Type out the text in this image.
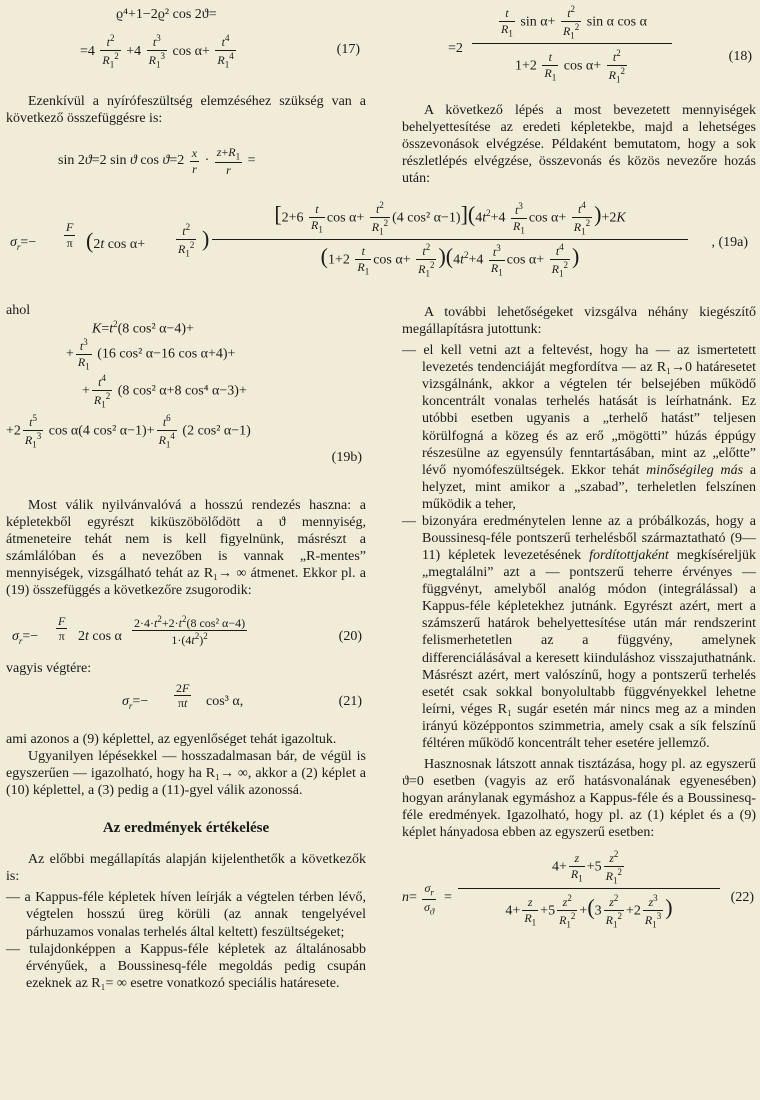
ϱ⁴+1−2ϱ² cos 2ϑ=
$=4 \frac{t^2}{R_1^2} +4 \frac{t^3}{R_1^3}$ $\cos \alpha+ \frac{t^4}{R_1^4}$	(17)

Ezenkívül a nyírófeszültség elemzéséhez szükség van a következő összefüggésre is:

sin 2ϑ=2 sin ϑ $\cos ϑ=2 \frac{x}{r} \cdot \frac{z+R_1}{r}$ =
=2
$\frac{t}{R_1}$ $\sin \alpha+ \frac{t^2}{R_1^2}$ sin α cos α
$1+2 \frac{t}{R_1}$ $\cos \alpha+ \frac{t^2}{R_1^2}$	(18)

A következő lépés a most bevezetett mennyiségek behelyettesítése az eredeti képletekbe, majd a lehetséges összevonások elvégzése. Példaként bemutatom, hogy a sok részletlépés elvégzése, összevonás és közös nevezőre hozás után:

$\sigma_r=- \frac{F}{\pi} (2t$ cos α+	$\frac{t^2}{R_1^2}$ )
[$2+6 \frac{t}{R_1}$ $\cos \alpha+ \frac{t^2}{R_1^2} (4$ cos² $\alpha-1)](4t^2+4 \frac{t^3}{R_1}$ $\cos \alpha+ \frac{t^4}{R_1^2} )+2K$
($1+2 \frac{t}{R_1}$ $\cos \alpha+ \frac{t^2}{R_1^2} )(4t^2+4 \frac{t^3}{R_1}$ $\cos \alpha+ \frac{t^4}{R_1^2}$ )
, (19a)

ahol

$K=t^2(8$ cos² α−4)+
+ $\frac{t^3}{R_1} (16$ cos² α−16 cos α+4)+
+ $\frac{t^4}{R_1^2} (8$ cos² α+8 cos⁴ α−3)+
$+2 \frac{t^5}{R_1^3}$ cos α(4 cos² $\alpha-1)+ \frac{t^6}{R_1^4} (2$ cos² α−1)
(19b)

Most válik nyilvánvalóvá a hosszú rendezés haszna: a képletekből egyrészt kiküszöbölődött a ϑ mennyiség, átmeneteire tehát nem is kell figyelnünk, másrészt a számlálóban és a nevezőben is vannak „R-mentes” mennyiségek, vizsgálható tehát az R₁→ ∞ átmenet. Ekkor pl. a (19) összefüggés a következőre zsugorodik:

$\sigma_r=- \frac{F}{\pi} 2t$ cos α $\frac{2\cdot 4\cdot t^2+2\cdot t^2(8 \cos^2 \alpha-4)}{1\cdot(4t^2)^2}$	(20)

vagyis végtére:

$\sigma_r=- \frac{2F}{\pi t} \cos^3$ α,	(21)

ami azonos a (9) képlettel, az egyenlőséget tehát igazoltuk.

Ugyanilyen lépésekkel — hosszadalmasan bár, de végül is egyszerűen — igazolható, hogy ha R₁→ ∞, akkor a (2) képlet a (10) képlettel, a (3) pedig a (11)-gyel válik azonossá.

Az eredmények értékelése

Az előbbi megállapítás alapján kijelenthetők a következők is:

— a Kappus-féle képletek híven leírják a végtelen térben lévő, végtelen hosszú üreg körüli (az annak tengelyével párhuzamos vonalas terhelés által keltett) feszültségeket;

— tulajdonképpen a Kappus-féle képletek az általánosabb érvényűek, a Boussinesq-féle megoldás pedig csupán ezeknek az R₁= ∞ esetre vonatkozó speciális határesete.

A további lehetőségeket vizsgálva néhány kiegészítő megállapításra jutottunk:

— el kell vetni azt a feltevést, hogy ha — az ismertetett levezetés tendenciáját megfordítva — az R₁→0 határesetet vizsgálnánk, akkor a végtelen tér belsejében működő koncentrált vonalas terhelés hatását is leírhatnánk. Ez utóbbi esetben ugyanis a „terhelő hatást” teljesen körülfogná a közeg és az erő „mögötti” húzás éppúgy részesülne az egyensúly fenntartásában, mint az „előtte” lévő nyomófeszültségek. Ekkor tehát minőségileg más a helyzet, mint amikor a „szabad”, terheletlen felszínen működik a teher,

— bizonyára eredménytelen lenne az a próbálkozás, hogy a Boussinesq-féle pontszerű terhelésből származtatható (9—11) képletek levezetésének fordítottjaként megkíséreljük „megtalálni” azt a — pontszerű teherre érvényes — függvényt, amelyből analóg módon (integrálással) a Kappus-féle képletekhez jutnánk. Egyrészt azért, mert a számszerű határok behelyettesítése után már rendszerint felismerhetetlen az a függvény, amelynek differenciálásával a keresett kiinduláshoz visszajuthatnánk. Másrészt azért, mert valószínű, hogy a pontszerű terhelés esetét csak sokkal bonyolultabb függvényekkel lehetne leírni, véges R₁ sugár esetén már nincs meg az a minden irányú középpontos szimmetria, amely csak a sík felszínű féltéren működő koncentrált teher esetére jellemző.

Hasznosnak látszott annak tisztázása, hogy pl. az egyszerű ϑ=0 esetben (vagyis az erő hatásvonalának egyenesében) hogyan aránylanak egymáshoz a Kappus-féle és a Boussinesq-féle eredmények. Igazolható, hogy pl. az (1) képlet és a (9) képlet hányadosa ebben az egyszerű esetben:

$n= \frac{\sigma_r}{\sigma_ϑ}$ =
$4+ \frac{z}{R_1} +5 \frac{z^2}{R_1^2}$
$4+ \frac{z}{R_1} +5 \frac{z^2}{R_1^2} +(3 \frac{z^2}{R_1^2} +2 \frac{z^3}{R_1^3}$ )	(22)
